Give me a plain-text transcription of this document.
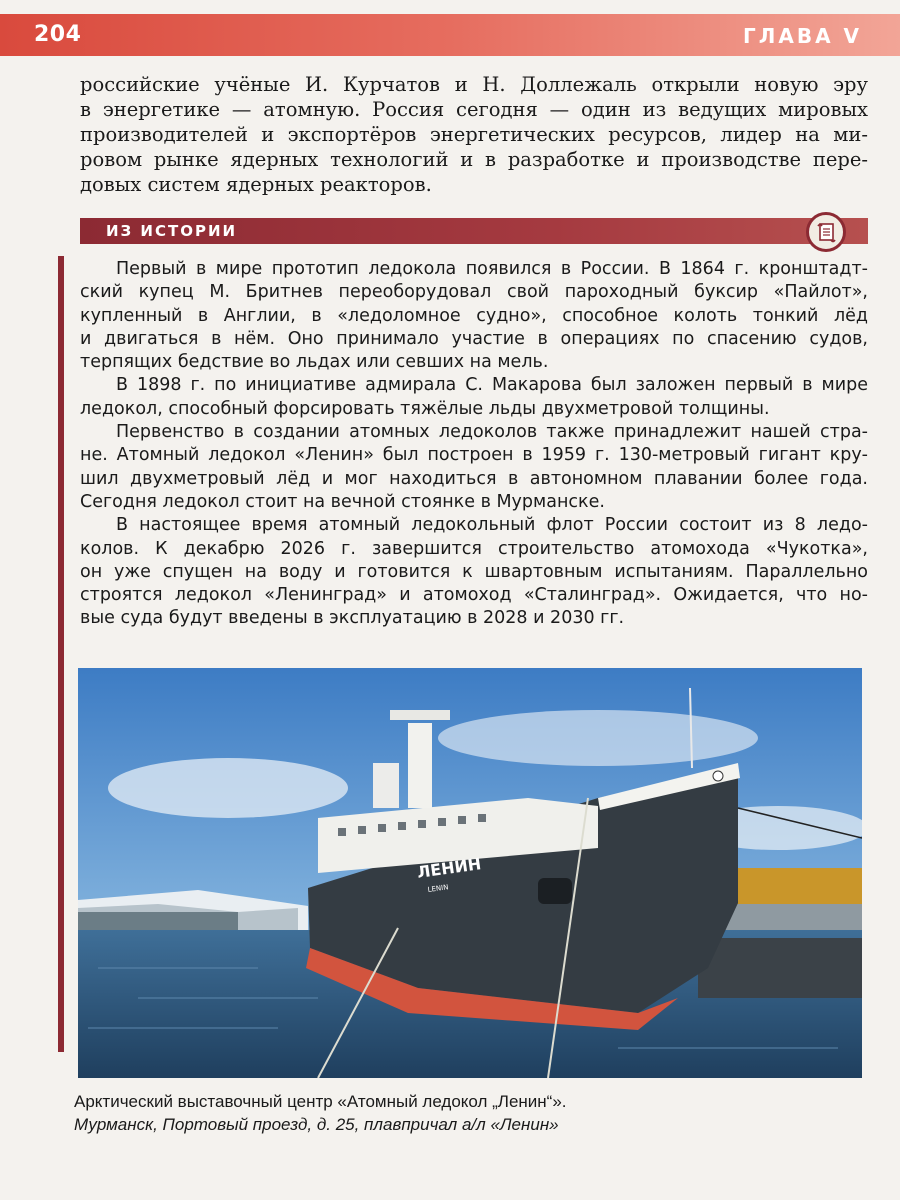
204	ГЛАВА V
российские учёные И. Курчатов и Н. Доллежаль открыли новую эру
в энергетике — атомную. Россия сегодня — один из ведущих мировых
производителей и экспортёров энергетических ресурсов, лидер на ми-
ровом рынке ядерных технологий и в разработке и производстве пере-
довых систем ядерных реакторов.
ИЗ ИСТОРИИ
Первый в мире прототип ледокола появился в России. В 1864 г. кронштадт-
ский купец М. Бритнев переоборудовал свой пароходный буксир «Пайлот»,
купленный в Англии, в «ледоломное судно», способное колоть тонкий лёд
и двигаться в нём. Оно принимало участие в операциях по спасению судов,
терпящих бедствие во льдах или севших на мель.
В 1898 г. по инициативе адмирала С. Макарова был заложен первый в мире
ледокол, способный форсировать тяжёлые льды двухметровой толщины.
Первенство в создании атомных ледоколов также принадлежит нашей стра-
не. Атомный ледокол «Ленин» был построен в 1959 г. 130-метровый гигант кру-
шил двухметровый лёд и мог находиться в автономном плавании более года.
Сегодня ледокол стоит на вечной стоянке в Мурманске.
В настоящее время атомный ледокольный флот России состоит из 8 ледо-
колов. К декабрю 2026 г. завершится строительство атомохода «Чукотка»,
он уже спущен на воду и готовится к швартовным испытаниям. Параллельно
строятся ледокол «Ленинград» и атомоход «Сталинград». Ожидается, что но-
вые суда будут введены в эксплуатацию в 2028 и 2030 гг.
ЛЕНИН
LENIN
Арктический выставочный центр «Атомный ледокол „Ленин“».
Мурманск, Портовый проезд, д. 25, плавпричал а/л «Ленин»
